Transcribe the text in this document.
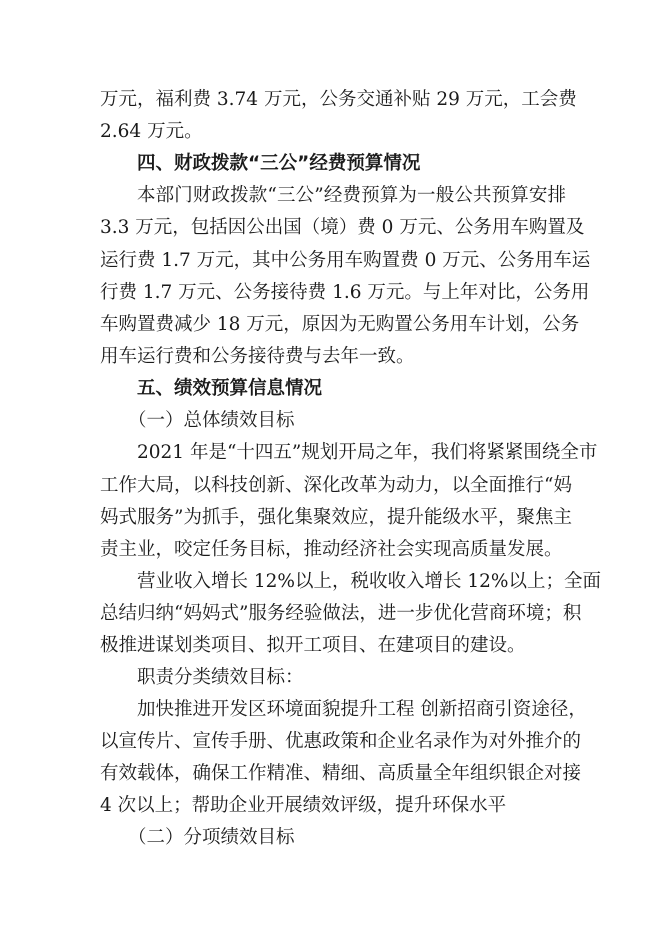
万元，福利费 3.74 万元，公务交通补贴 29 万元，工会费
2.64 万元。
四、财政拨款“三公”经费预算情况
本部门财政拨款“三公”经费预算为一般公共预算安排
3.3 万元，包括因公出国（境）费 0 万元、公务用车购置及
运行费 1.7 万元，其中公务用车购置费 0 万元、公务用车运
行费 1.7 万元、公务接待费 1.6 万元。与上年对比，公务用
车购置费减少 18 万元，原因为无购置公务用车计划，公务
用车运行费和公务接待费与去年一致。
五、绩效预算信息情况
（一）总体绩效目标
2021 年是“十四五”规划开局之年，我们将紧紧围绕全市
工作大局，以科技创新、深化改革为动力，以全面推行“妈
妈式服务”为抓手，强化集聚效应，提升能级水平，聚焦主
责主业，咬定任务目标，推动经济社会实现高质量发展。
营业收入增长 12%以上，税收收入增长 12%以上；全面
总结归纳“妈妈式”服务经验做法，进一步优化营商环境；积
极推进谋划类项目、拟开工项目、在建项目的建设。
职责分类绩效目标：
加快推进开发区环境面貌提升工程 创新招商引资途径，
以宣传片、宣传手册、优惠政策和企业名录作为对外推介的
有效载体，确保工作精准、精细、高质量全年组织银企对接
4 次以上；帮助企业开展绩效评级，提升环保水平
（二）分项绩效目标
